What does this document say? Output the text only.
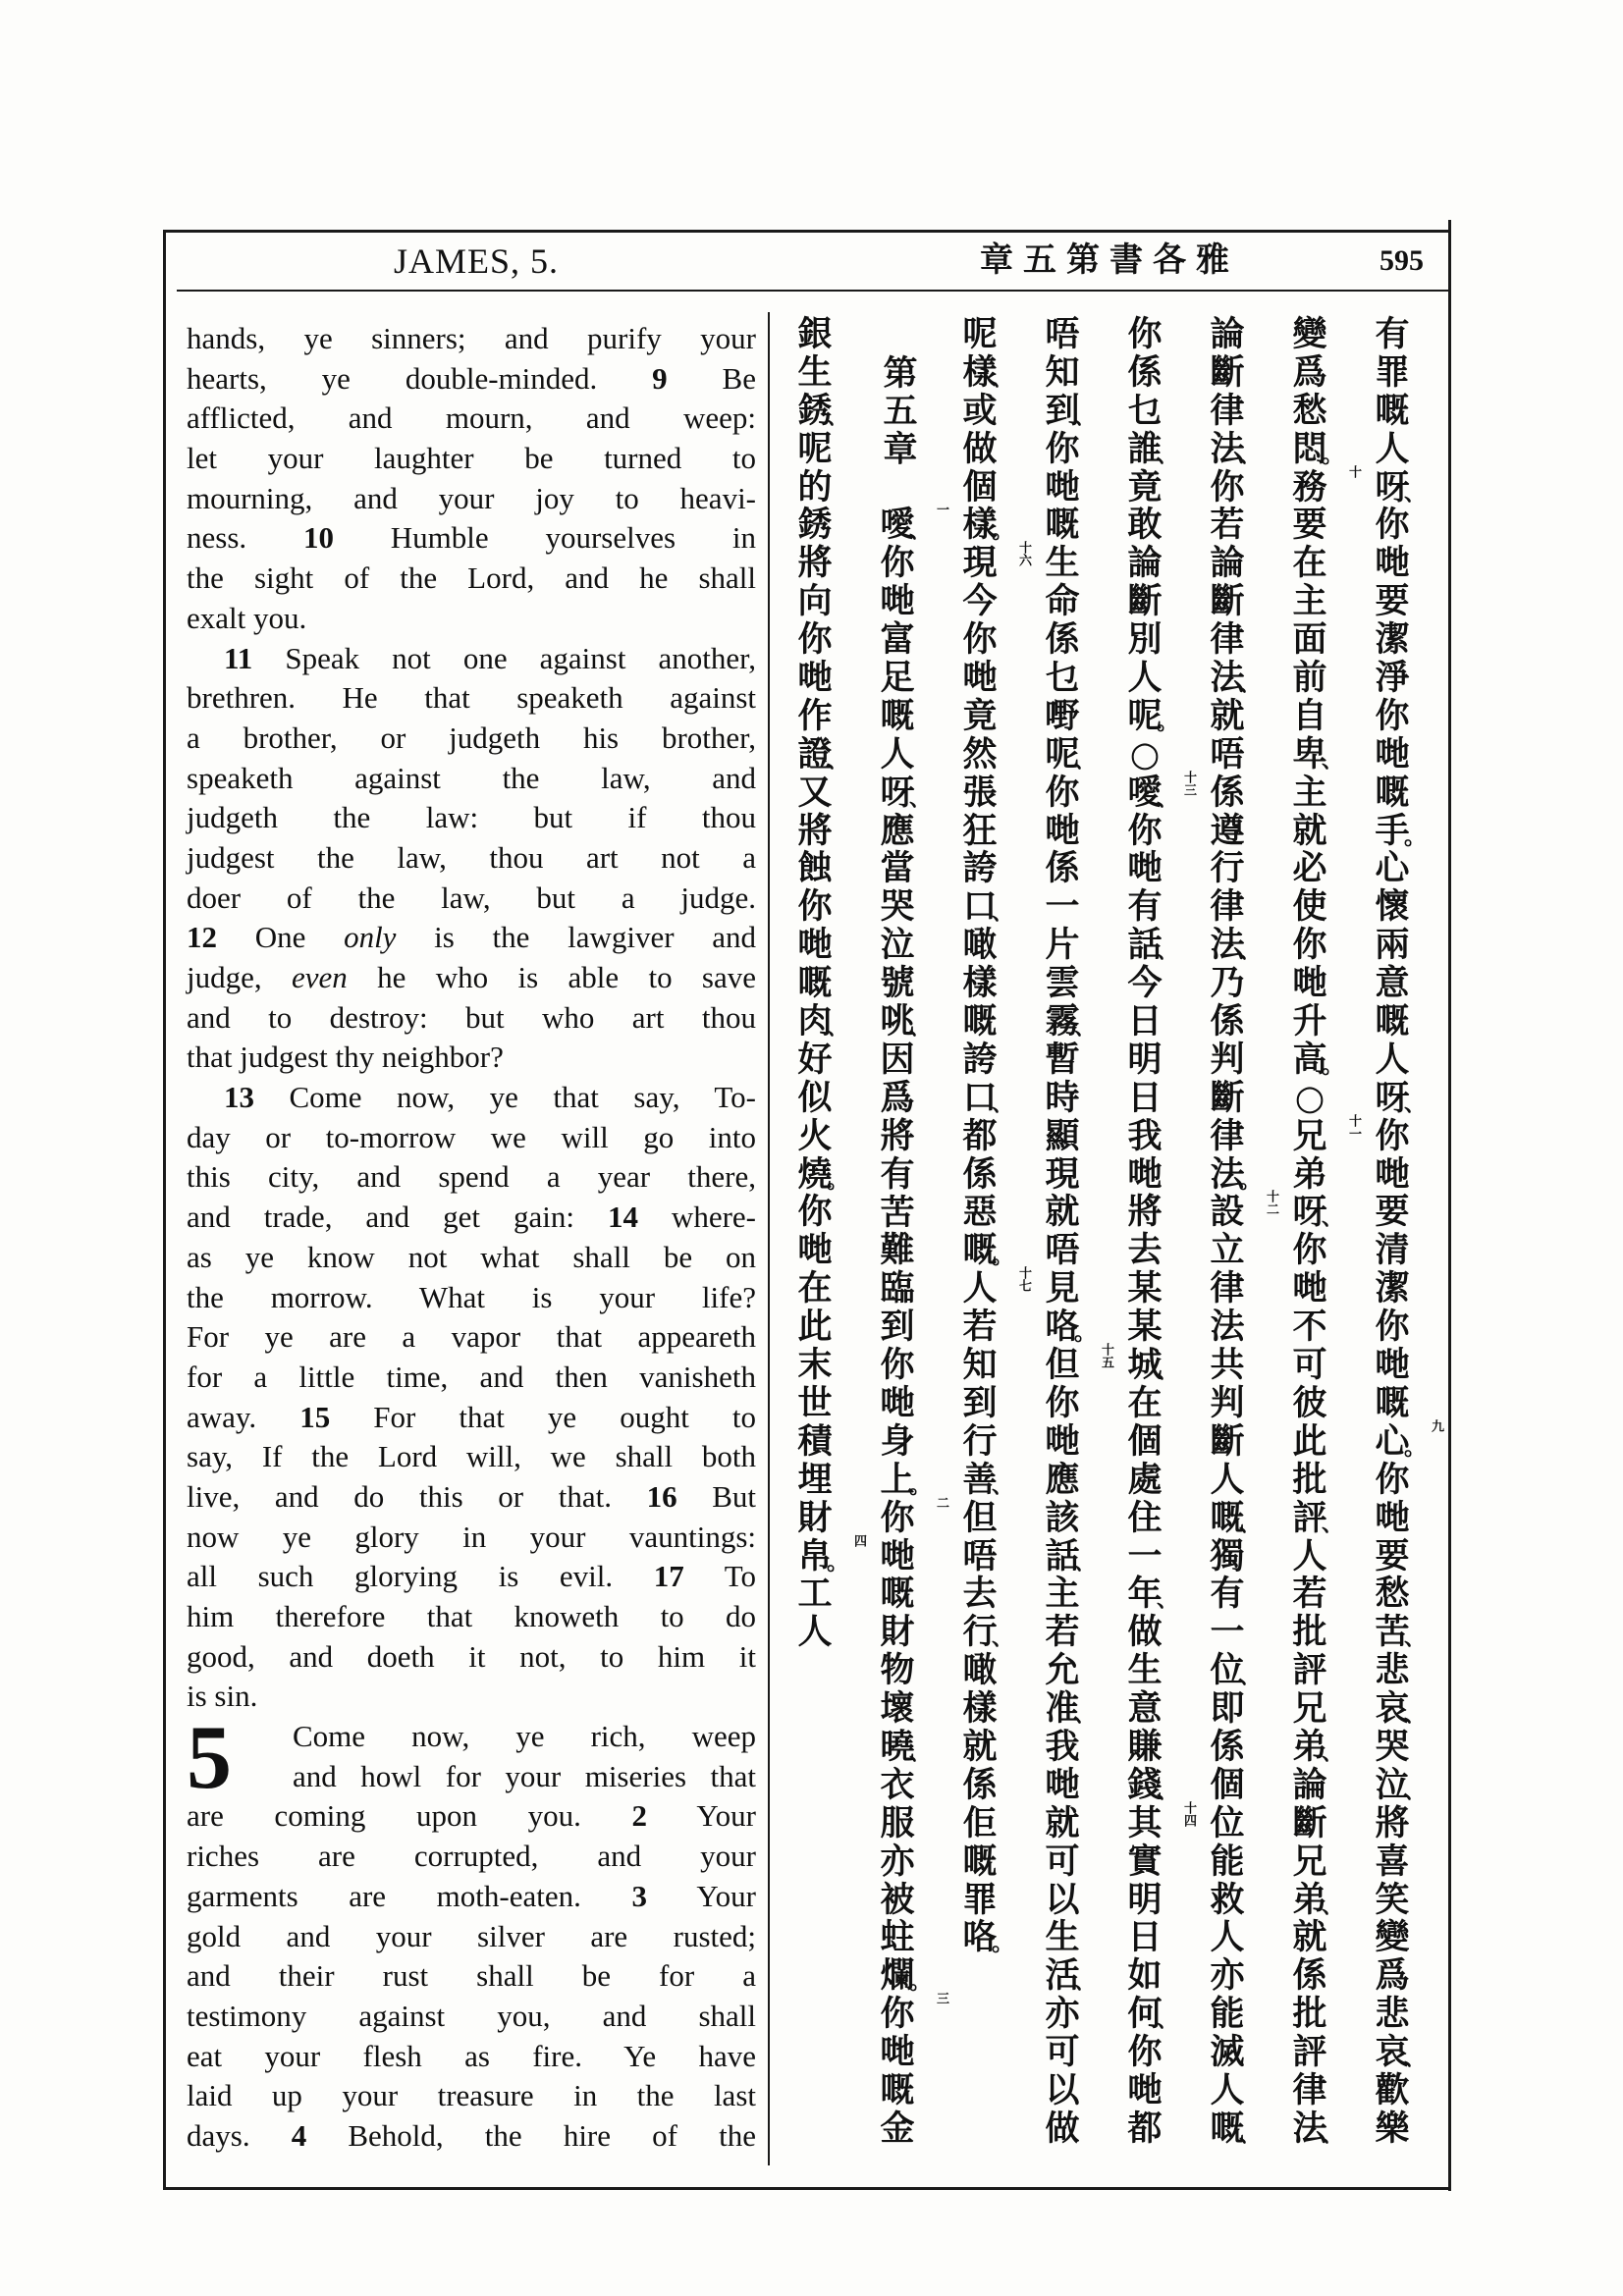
JAMES, 5.	章五第書各雅	595
hands, ye sinners; and purify your
hearts, ye double-minded. 9 Be
afflicted, and mourn, and weep:
let your laughter be turned to
mourning, and your joy to heavi-
ness. 10 Humble yourselves in
the sight of the Lord, and he shall
exalt you.
11 Speak not one against another,
brethren. He that speaketh against
a brother, or judgeth his brother,
speaketh against the law, and
judgeth the law: but if thou
judgest the law, thou art not a
doer of the law, but a judge.
12 One only is the lawgiver and
judge, even he who is able to save
and to destroy: but who art thou
that judgest thy neighbor?
13 Come now, ye that say, To-
day or to-morrow we will go into
this city, and spend a year there,
and trade, and get gain: 14 where-
as ye know not what shall be on
the morrow. What is your life?
For ye are a vapor that appeareth
for a little time, and then vanisheth
away. 15 For that ye ought to
say, If the Lord will, we shall both
live, and do this or that. 16 But
now ye glory in your vauntings:
all such glorying is evil. 17 To
him therefore that knoweth to do
good, and doeth it not, to him it
is sin.
5	Come now, ye rich, weep
and howl for your miseries that
are coming upon you. 2 Your
riches are corrupted, and your
garments are moth-eaten. 3 Your
gold and your silver are rusted;
and their rust shall be for a
testimony against you, and shall
eat your flesh as fire. Ye have
laid up your treasure in the last
days. 4 Behold, the hire of the
有
罪
嘅
人
呀
、
你
哋
要
潔
淨
你
哋
嘅
手
。
心
懷
兩
意
嘅
人
呀
、
你
哋
要
清
潔
你
哋
嘅
心
。
九
你
哋
要
愁
苦
、
悲
哀
、
哭
泣
、
將
喜
笑
變
爲
悲
哀
、
歡
樂
變
爲
愁
悶
。
務 十
要
在
主
面
前
自
卑
、
主
就
必
使
你
哋
升
高
。
○
兄 十一
弟
呀
、
你
哋
不
可
彼
此
批
評
、
人
若
批
評
兄
弟
、
論
斷
兄
弟
、
就
係
批
評
律
法
、
論
斷
律
法
、
你
若
論
斷
律
法
、
就
唔
係
遵
行
律
法
、
乃
係
判
斷
律
法
。
設 十二
立
律
法
共
判
斷
人
嘅
、
獨
有
一
位
、
即
係
個
位
能
救
人
亦
能
滅
人
嘅
、
你
係
乜
誰
、
竟
敢
論
斷
別
人
呢
。
○
噯 十三
、
你
哋
有
話
、
今
日
明
日
我
哋
將
去
某
某
城
、
在
個
處
住
一
年
、
做
生
意
賺
錢
、
其 十四
實
明
日
如
何
、
你
哋
都
唔
知
到
、
你
哋
嘅
生
命
係
乜
嘢
呢
、
你
哋
係
一
片
雲
霧
、
暫
時
顯
現
就
唔
見
咯
。
但 十五
你
哋
應
該
話
、
主
若
允
准
、
我
哋
就
可
以
生
活
、
亦
可
以
做
呢
樣
、
或
做
個
樣
。
現 十六
今
你
哋
竟
然
張
狂
誇
口
、
噉
樣
嘅
誇
口
、
都
係
惡
嘅
。
人 十七
若
知
到
行
善
、
但
唔
去
行
、
噉
樣
就
係
佢
嘅
罪
咯
。

第五章

噯 一
、
你
哋
富
足
嘅
人
呀
、
應
當
哭
泣
號
咷
、
因
爲
將
有
苦
難
臨
到
你
哋
身
上
。
你 二
哋
嘅
財
物
壞
曉
、
衣
服
亦
被
蛀
爛
。
你 三
哋
嘅
金
銀
生
銹
、
呢
的
銹
將
向
你
哋
作
證
、
又
將
蝕
你
哋
嘅
肉
、
好
似
火
燒
。
你
哋
在
此
末
世
積
埋
財
帛
。
四
工
人
